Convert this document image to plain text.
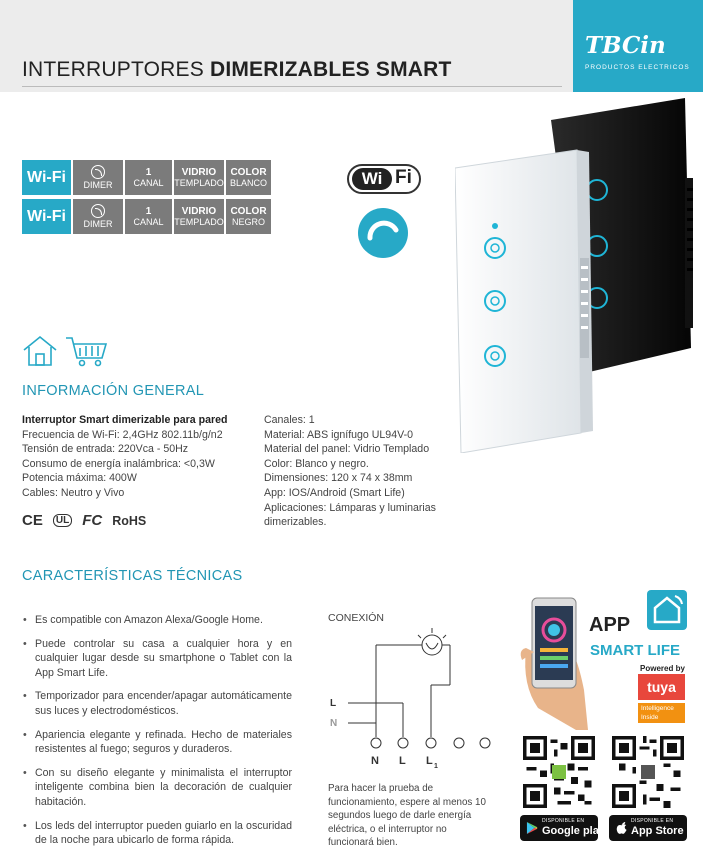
INTERRUPTORES DIMERIZABLES SMART
TBCin
PRODUCTOS ELECTRICOS
Wi-Fi	DIMER
1
CANAL
VIDRIO
TEMPLADO
COLOR
BLANCO
Wi-Fi	DIMER
1
CANAL
VIDRIO
TEMPLADO
COLOR
NEGRO
Wi Fi
INFORMACIÓN GENERAL
CARACTERÍSTICAS TÉCNICAS
Interruptor Smart dimerizable para pared
Frecuencia de Wi-Fi: 2,4GHz 802.11b/g/n2
Tensión de entrada: 220Vca - 50Hz
Consumo de energía inalámbrica: <0,3W
Potencia máxima: 400W
Cables: Neutro y Vivo
Canales: 1
Material: ABS ignífugo UL94V-0
Material del panel: Vidrio Templado
Color: Blanco y negro.
Dimensiones: 120 x 74 x 38mm
App: IOS/Android (Smart Life)
Aplicaciones: Lámparas y luminarias
dimerizables.
CE	UL FC RoHS
• Es compatible con Amazon Alexa/Google Home.
• Puede controlar su casa a cualquier hora y en cualquier lugar desde su smartphone o Tablet con la App Smart Life.
• Temporizador para encender/apagar automáticamente sus luces y electrodomésticos.
• Apariencia elegante y refinada. Hecho de materiales resistentes al fuego; seguros y duraderos.
• Con su diseño elegante y minimalista el interruptor inteligente combina bien la decoración de cualquier habitación.
• Los leds del interruptor pueden guiarlo en la oscuridad de la noche para ubicarlo de forma rápida.
CONEXIÓN
L
N
N L L 1
Para hacer la prueba de funcionamiento, espere al menos 10 segundos luego de darle energía eléctrica, o el interruptor no funcionará bien.
APP
SMART LIFE
Powered by
tuya
Intelligence
Inside
DISPONIBLE EN
Google play
DISPONIBLE EN
App Store
